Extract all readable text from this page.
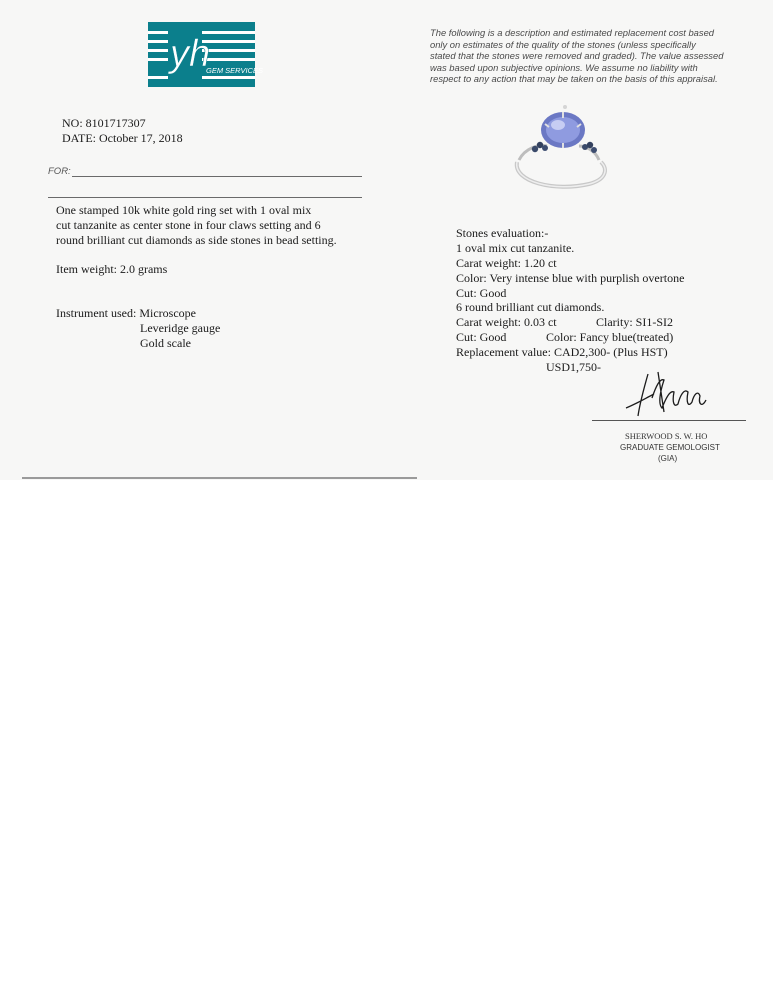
yh
GEM SERVICES
The following is a description and estimated replacement cost based
only on estimates of the quality of the stones (unless specifically
stated that the stones were removed and graded). The value assessed
was based upon subjective opinions. We assume no liability with
respect to any action that may be taken on the basis of this appraisal.
NO: 8101717307
DATE: October 17, 2018
FOR:
One stamped 10k white gold ring set with 1 oval mix
cut tanzanite as center stone in four claws setting and 6
round brilliant cut diamonds as side stones in bead setting.
Item weight: 2.0 grams
Instrument used: Microscope
Leveridge gauge
Gold scale
Stones evaluation:-
1 oval mix cut tanzanite.
Carat weight: 1.20 ct
Color: Very intense blue with purplish overtone
Cut: Good
6 round brilliant cut diamonds.
Carat weight: 0.03 ct	Clarity: SI1-SI2
Cut: Good	Color: Fancy blue(treated)
Replacement value: CAD2,300- (Plus HST)
USD1,750-
SHERWOOD S. W. HO
GRADUATE GEMOLOGIST
(GIA)
